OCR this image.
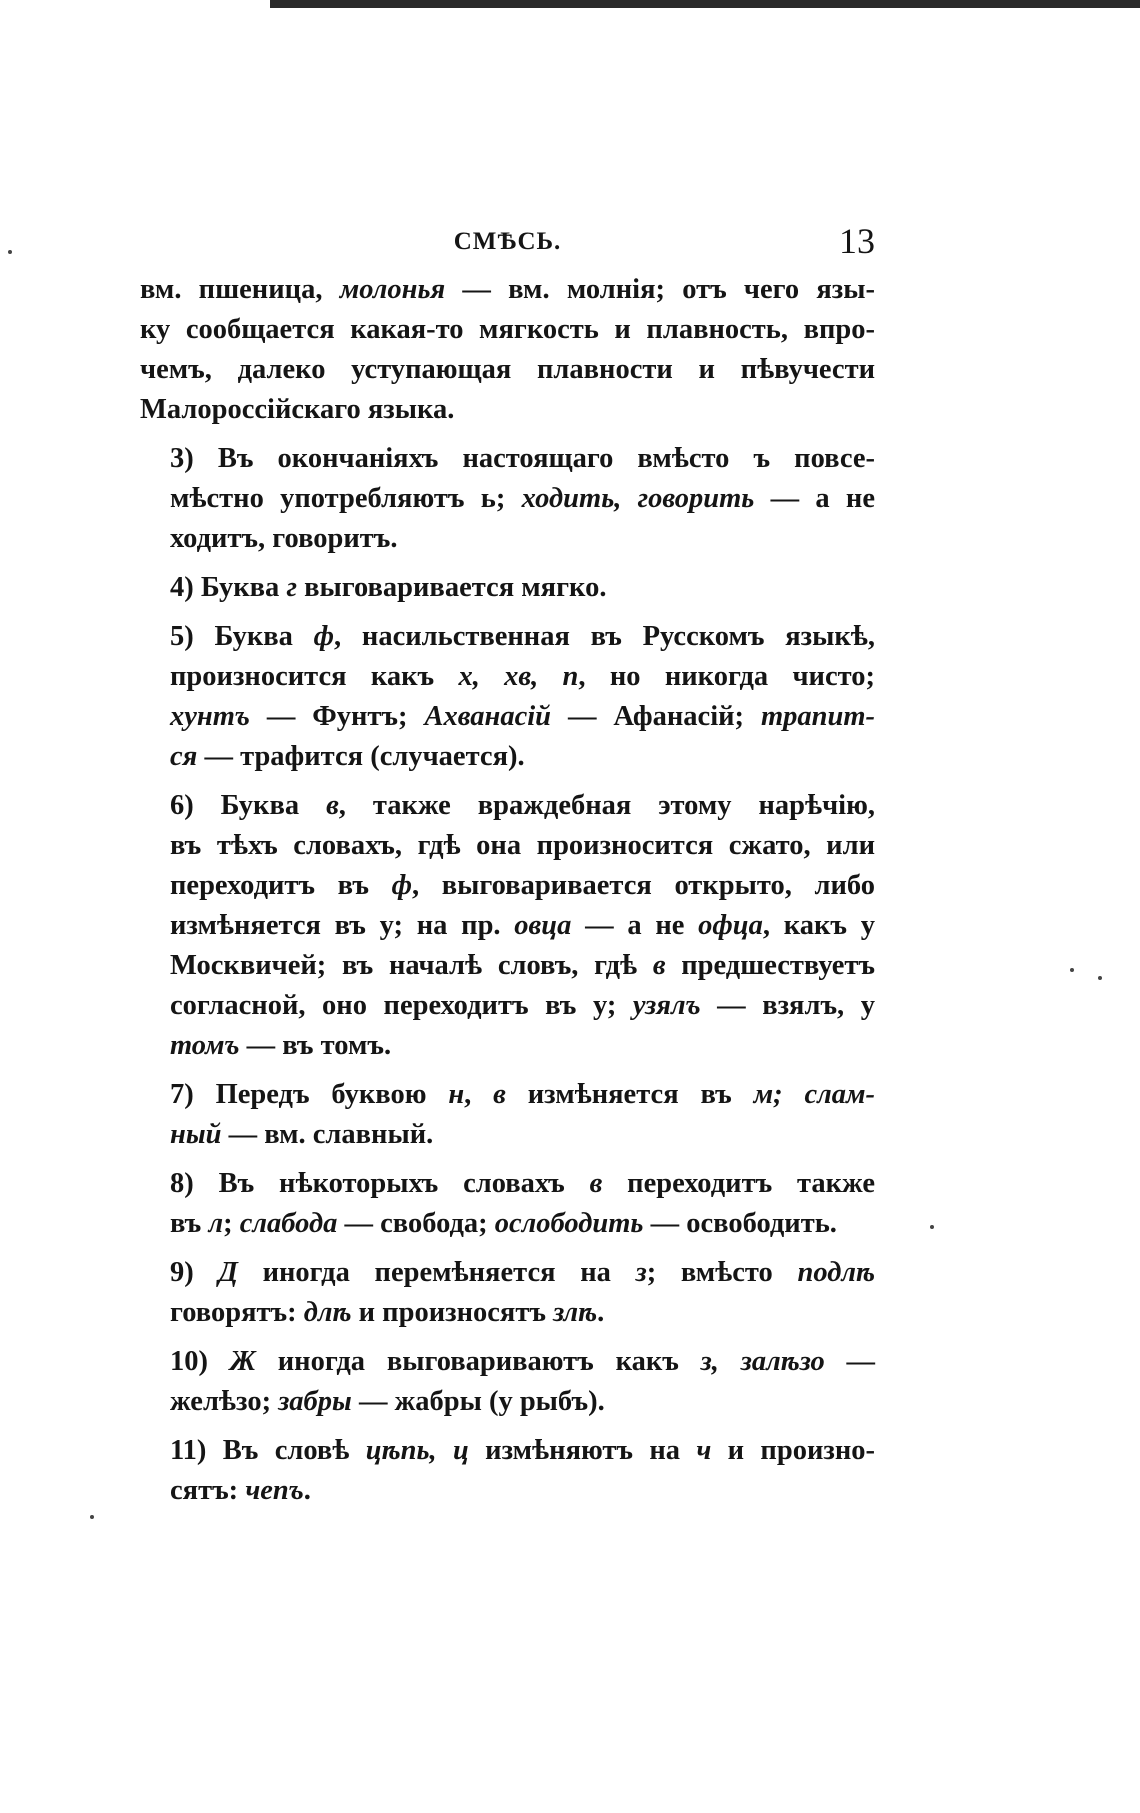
СМѢСЬ.	13
вм. пшеница, молонья — вм. молнія; отъ чего язы-
ку сообщается какая-то мягкость и плавность, впро-
чемъ, далеко уступающая плавности и пѣвучести
Малороссійскаго языка.
3) Въ окончаніяхъ настоящаго вмѣсто ъ повсе-
мѣстно употребляютъ ь; ходить, говорить — а не
ходитъ, говоритъ.
4) Буква г выговаривается мягко.
5) Буква ф, насильственная въ Русскомъ языкѣ,
произносится какъ х, хв, п, но никогда чисто;
хунтъ — Фунтъ; Ахванасій — Афанасій; трапит-
ся — трафится (случается).
6) Буква в, также враждебная этому нарѣчію,
въ тѣхъ словахъ, гдѣ она произносится сжато, или
переходитъ въ ф, выговаривается открыто, либо
измѣняется въ у; на пр. овца — а не офца, какъ у
Москвичей; въ началѣ словъ, гдѣ в предшествуетъ
согласной, оно переходитъ въ у; узялъ — взялъ, у
томъ — въ томъ.
7) Передъ буквою н, в измѣняется въ м; слам-
ный — вм. славный.
8) Въ нѣкоторыхъ словахъ в переходитъ также
въ л; слабода — свобода; ослободить — освободить.
9) Д иногда перемѣняется на з; вмѣсто подлѣ
говорятъ: длѣ и произносятъ злѣ.
10) Ж иногда выговариваютъ какъ з, залѣзо —
желѣзо; забры — жабры (у рыбъ).
11) Въ словѣ цѣпь, ц измѣняютъ на ч и произно-
сятъ: чепъ.
